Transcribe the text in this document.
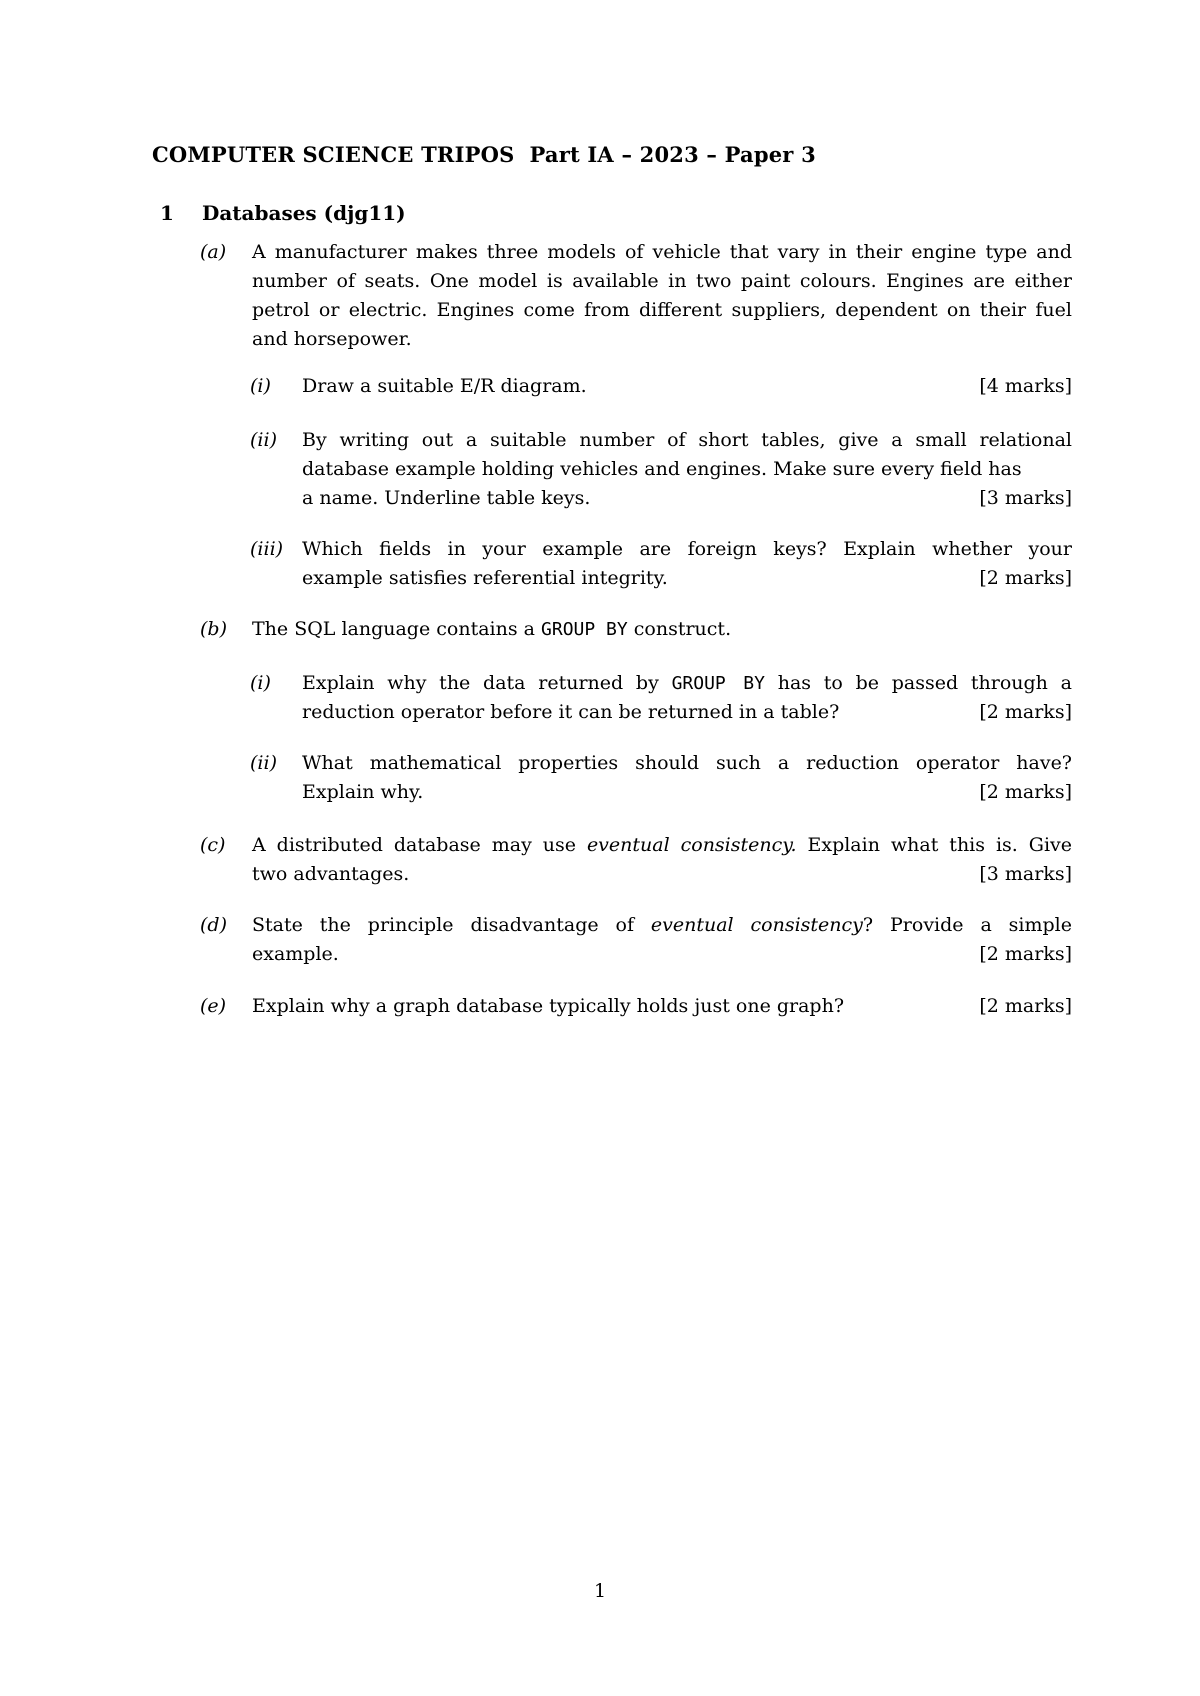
COMPUTER SCIENCE TRIPOS Part IA – 2023 – Paper 3
1 Databases (djg11)
(a) A manufacturer makes three models of vehicle that vary in their engine type and number of seats. One model is available in two paint colours. Engines are either petrol or electric. Engines come from different suppliers, dependent on their fuel and horsepower.
(i) Draw a suitable E/R diagram.	[4 marks]
(ii) By writing out a suitable number of short tables, give a small relational database example holding vehicles and engines. Make sure every field has
a name. Underline table keys.	[3 marks]
(iii) Which fields in your example are foreign keys? Explain whether your
example satisfies referential integrity.	[2 marks]
(b) The SQL language contains a GROUP BY construct.
(i) Explain why the data returned by GROUP BY has to be passed through a
reduction operator before it can be returned in a table?	[2 marks]
(ii) What mathematical properties should such a reduction operator have?
Explain why.	[2 marks]
(c) A distributed database may use eventual consistency. Explain what this is. Give
two advantages.	[3 marks]
(d) State the principle disadvantage of eventual consistency? Provide a simple
example.	[2 marks]
(e) Explain why a graph database typically holds just one graph?	[2 marks]
1
